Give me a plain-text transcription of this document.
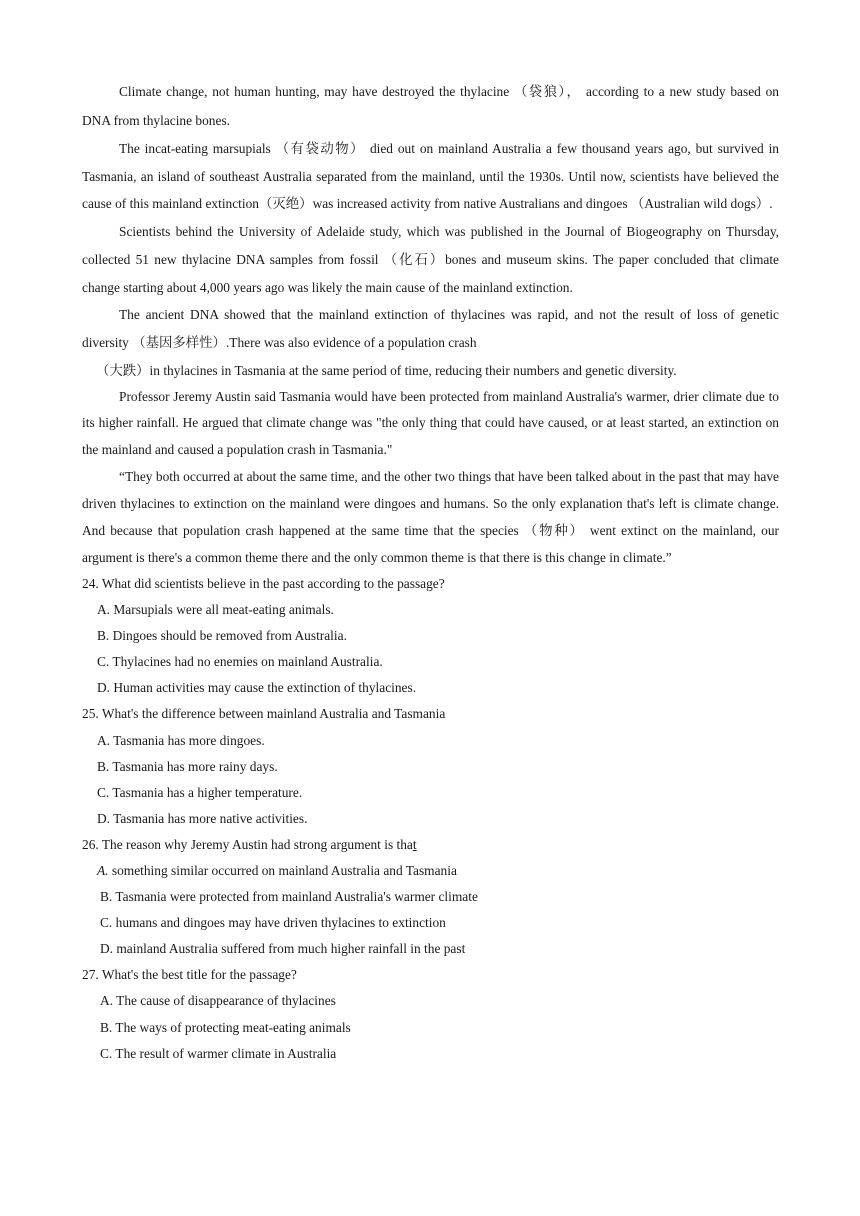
Climate change, not human hunting, may have destroyed the thylacine （袋狼）， according to a new study based on DNA from thylacine bones.

The incat-eating marsupials （有袋动物） died out on mainland Australia a few thousand years ago, but survived in Tasmania, an island of southeast Australia separated from the mainland, until the 1930s. Until now, scientists have believed the cause of this mainland extinction（灭绝）was increased activity from native Australians and dingoes （Australian wild dogs）.

Scientists behind the University of Adelaide study, which was published in the Journal of Biogeography on Thursday, collected 51 new thylacine DNA samples from fossil （化石）bones and museum skins. The paper concluded that climate change starting about 4,000 years ago was likely the main cause of the mainland extinction.

The ancient DNA showed that the mainland extinction of thylacines was rapid, and not the result of loss of genetic diversity （基因多样性）.There was also evidence of a population crash

（大跌）in thylacines in Tasmania at the same period of time, reducing their numbers and genetic diversity.

Professor Jeremy Austin said Tasmania would have been protected from mainland Australia's warmer, drier climate due to its higher rainfall. He argued that climate change was "the only thing that could have caused, or at least started, an extinction on the mainland and caused a population crash in Tasmania."

“They both occurred at about the same time, and the other two things that have been talked about in the past that may have driven thylacines to extinction on the mainland were dingoes and humans. So the only explanation that's left is climate change. And because that population crash happened at the same time that the species （物种） went extinct on the mainland, our argument is there's a common theme there and the only common theme is that there is this change in climate.”

24. What did scientists believe in the past according to the passage?

A. Marsupials were all meat-eating animals.

B. Dingoes should be removed from Australia.

C. Thylacines had no enemies on mainland Australia.

D. Human activities may cause the extinction of thylacines.

25. What's the difference between mainland Australia and Tasmania

A. Tasmania has more dingoes.

B. Tasmania has more rainy days.

C. Tasmania has a higher temperature.

D. Tasmania has more native activities.

26. The reason why Jeremy Austin had strong argument is that

A. something similar occurred on mainland Australia and Tasmania

B. Tasmania were protected from mainland Australia's warmer climate

C. humans and dingoes may have driven thylacines to extinction

D. mainland Australia suffered from much higher rainfall in the past

27. What's the best title for the passage?

A. The cause of disappearance of thylacines

B. The ways of protecting meat-eating animals

C. The result of warmer climate in Australia
